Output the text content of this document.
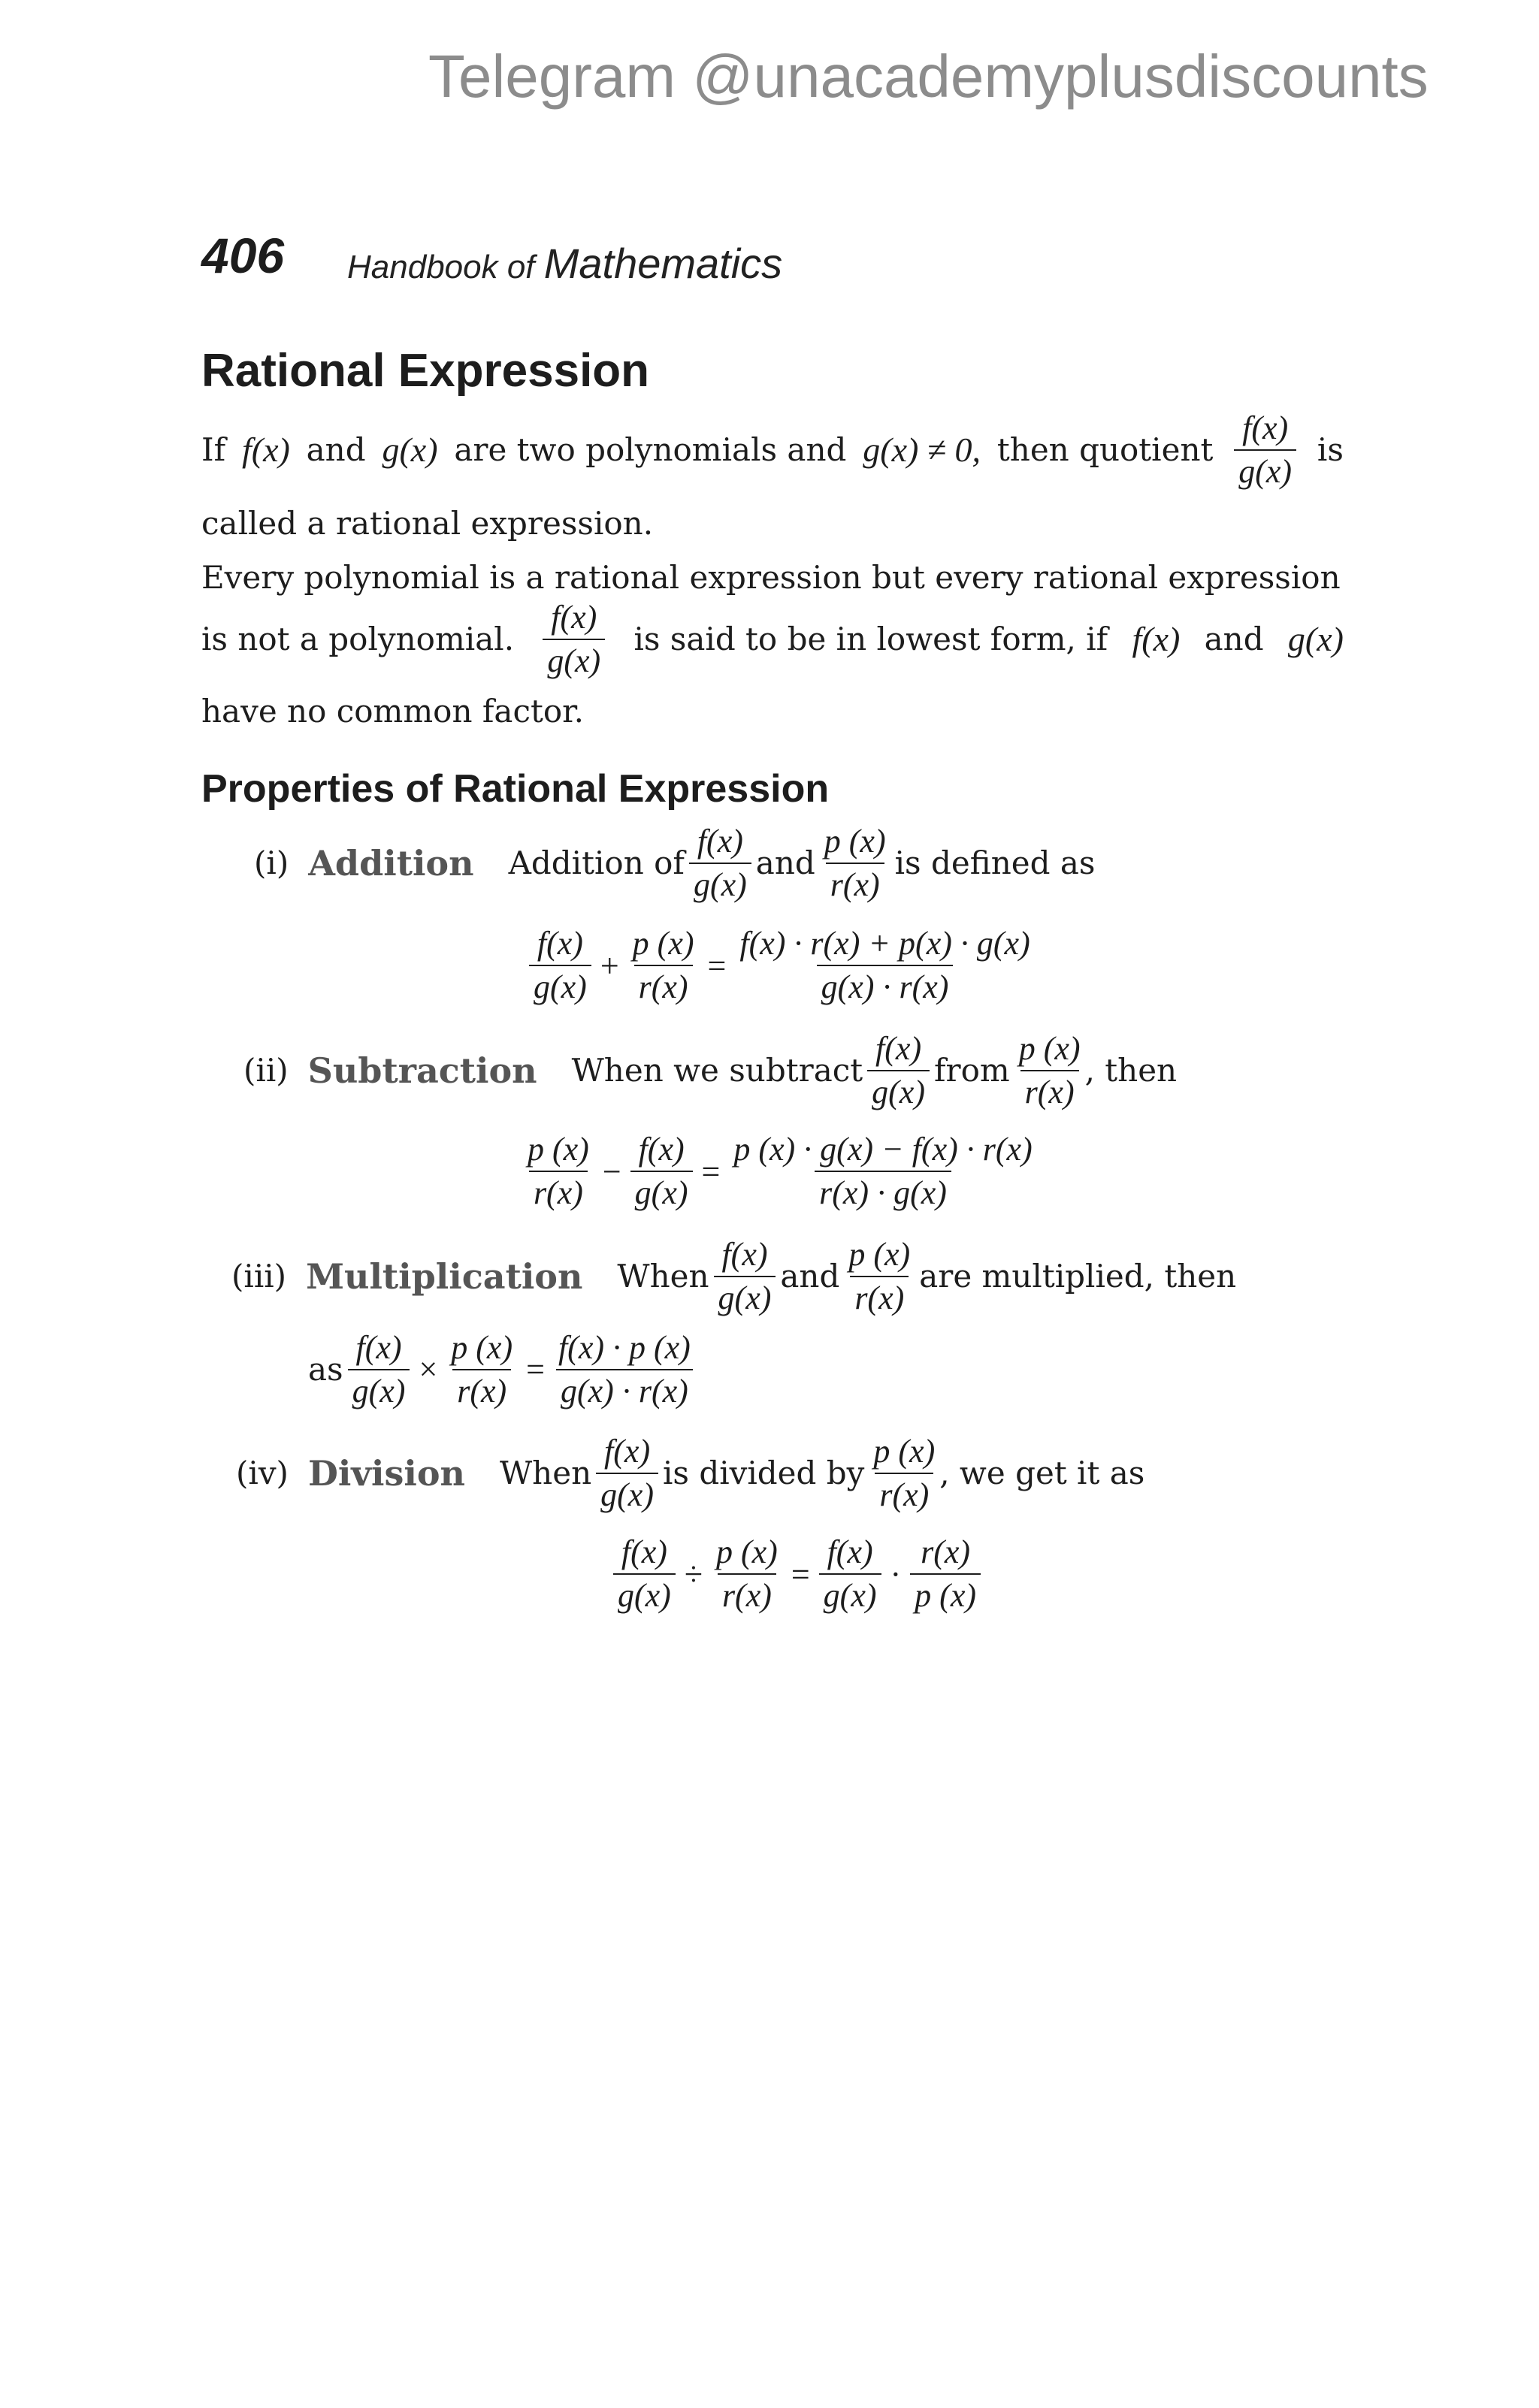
Telegram @unacademyplusdiscounts
406 Handbook of Mathematics
Rational Expression
If f(x) and g(x) are two polynomials and g(x) ≠ 0, then quotient $\frac{f(x)}{g(x)}$ is
called a rational expression.
Every polynomial is a rational expression but every rational expression
is not a polynomial. $\frac{f(x)}{g(x)}$ is said to be in lowest form, if f(x) and g(x)
have no common factor.
Properties of Rational Expression
(i) Addition Addition of $\frac{f(x)}{g(x)}$ and $\frac{p (x)}{r(x)}$ is defined as
$\frac{f(x)}{g(x)} + \frac{p (x)}{r(x)} = \frac{f(x) \cdot r(x) + p(x) \cdot g(x)}{g(x) \cdot r(x)}$
(ii) Subtraction When we subtract $\frac{f(x)}{g(x)}$ from $\frac{p (x)}{r(x)}$ , then
$\frac{p (x)}{r(x)} - \frac{f(x)}{g(x)} = \frac{p (x) \cdot g(x) - f(x) \cdot r(x)}{r(x) \cdot g(x)}$
(iii) Multiplication When $\frac{f(x)}{g(x)}$ and $\frac{p (x)}{r(x)}$ are multiplied, then
as $\frac{f(x)}{g(x)} \times \frac{p (x)}{r(x)} = \frac{f(x) \cdot p (x)}{g(x) \cdot r(x)}$
(iv) Division When $\frac{f(x)}{g(x)}$ is divided by $\frac{p (x)}{r(x)}$ , we get it as
$\frac{f(x)}{g(x)} \div \frac{p (x)}{r(x)} = \frac{f(x)}{g(x)} \cdot \frac{r(x)}{p (x)}$
